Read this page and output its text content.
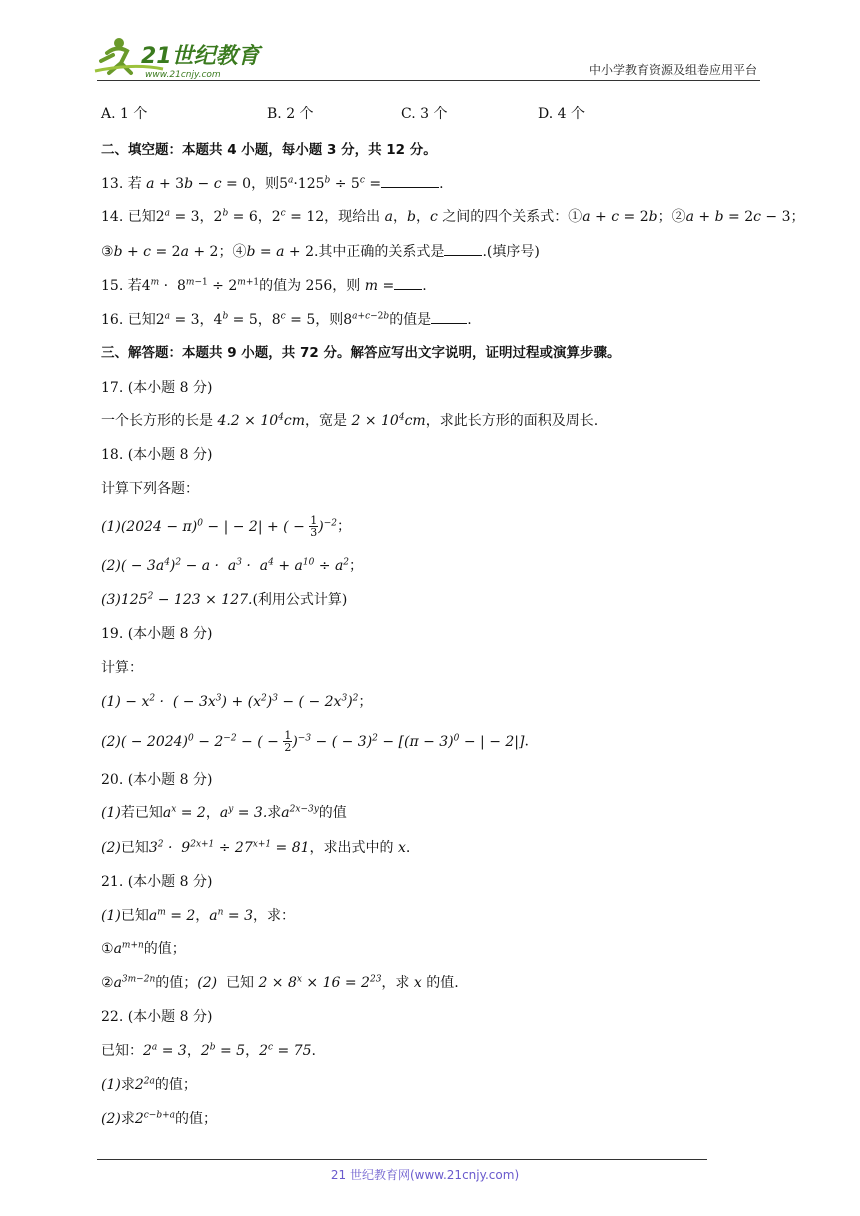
21世纪教育
www.21cnjy.com	中小学教育资源及组卷应用平台
A. 1 个	B. 2 个	C. 3 个	D. 4 个
二、填空题：本题共 4 小题，每小题 3 分，共 12 分。
13. 若 a + 3b − c = 0，则$5^a\cdot 125^b \div 5^c$ =	.
14. 已知$2^a = 3$，$2^b = 6$，$2^c = 12$，现给出 a，b，c 之间的四个关系式：①a + c = 2b；②a + b = 2c − 3；
③b + c = 2a + 2；④b = a + 2.其中正确的关系式是	.(填序号)
15. 若$4^m \cdot 8^{m-1} \div 2^{m+1}$的值为 256，则 m = .
16. 已知$2^a = 3$，$4^b = 5$，$8^c = 5$，则$8^{a+c-2b}$的值是	.
三、解答题：本题共 9 小题，共 72 分。解答应写出文字说明，证明过程或演算步骤。
17. (本小题 8 分)
一个长方形的长是 $4.2 \times 10^4cm$，宽是 $2 \times 10^4cm$，求此长方形的面积及周长.
18. (本小题 8 分)
计算下列各题：
$(1)(2024 - \pi)^0$ − | − 2| + ( − $\frac{1}{3} )^{-2}$；
$(2)( - 3a^4)^2 - a \cdot a^3 \cdot a^4 + a^{10} \div a^2$；
$(3)125^2 - 123 \times 127$.(利用公式计算)
19. (本小题 8 分)
计算：
$(1) - x^2$ ·  ( − $3x^3) + (x^2)^3$ − ( − $2x^3)^2$；
$(2)( - 2024)^0 - 2^{-2}$ − ( − $\frac{1}{2} )^{-3}$ − ( − $3)^2 - [(\pi - 3)^0$ − | − 2|].
20. (本小题 8 分)
(1)若已知$a^x = 2$，$a^y = 3$.求$a^{2x-3y}$的值
(2)已知$3^2 \cdot 9^{2x+1} \div 27^{x+1} = 81$，求出式中的 x.
21. (本小题 8 分)
(1)已知$a^m = 2$，$a^n = 3$，求：
$①a^{m+n}$的值；
$②a^{3m-2n}$的值；(2)  已知 $2 \times 8^x \times 16 = 2^{23}$，求 x 的值.
22. (本小题 8 分)
已知：$2^a = 3$，$2^b = 5$，$2^c = 75$.
(1)求$2^{2a}$的值；
(2)求$2^{c-b+a}$的值；
21 世纪教育网(www.21cnjy.com)
